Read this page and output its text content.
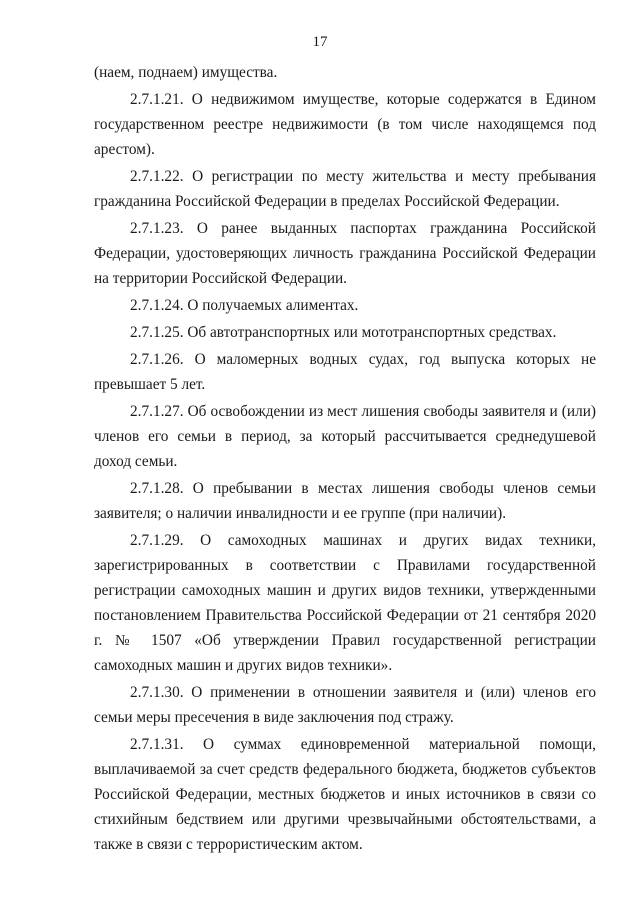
17

(наем, поднаем) имущества.

2.7.1.21. О недвижимом имуществе, которые содержатся в Едином государственном реестре недвижимости (в том числе находящемся под арестом).

2.7.1.22. О регистрации по месту жительства и месту пребывания гражданина Российской Федерации в пределах Российской Федерации.

2.7.1.23. О ранее выданных паспортах гражданина Российской Федерации, удостоверяющих личность гражданина Российской Федерации на территории Российской Федерации.

2.7.1.24. О получаемых алиментах.

2.7.1.25. Об автотранспортных или мототранспортных средствах.

2.7.1.26. О маломерных водных судах, год выпуска которых не превышает 5 лет.

2.7.1.27. Об освобождении из мест лишения свободы заявителя и (или) членов его семьи в период, за который рассчитывается среднедушевой доход семьи.

2.7.1.28. О пребывании в местах лишения свободы членов семьи заявителя; о наличии инвалидности и ее группе (при наличии).

2.7.1.29. О самоходных машинах и других видах техники, зарегистрированных в соответствии с Правилами государственной регистрации самоходных машин и других видов техники, утвержденными постановлением Правительства Российской Федерации от 21 сентября 2020 г. № 1507 «Об утверждении Правил государственной регистрации самоходных машин и других видов техники».

2.7.1.30. О применении в отношении заявителя и (или) членов его семьи меры пресечения в виде заключения под стражу.

2.7.1.31. О суммах единовременной материальной помощи, выплачиваемой за счет средств федерального бюджета, бюджетов субъектов Российской Федерации, местных бюджетов и иных источников в связи со стихийным бедствием или другими чрезвычайными обстоятельствами, а также в связи с террористическим актом.
